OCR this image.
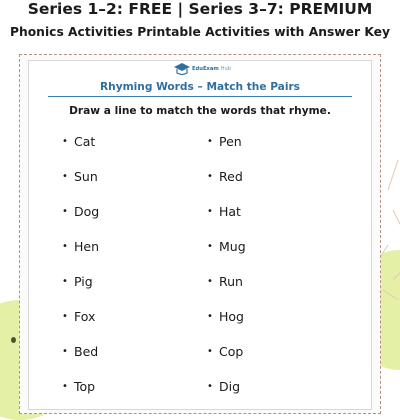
Series 1–2: FREE | Series 3–7: PREMIUM
Phonics Activities Printable Activities with Answer Key
EduExam Hub
Rhyming Words – Match the Pairs
Draw a line to match the words that rhyme.
• Cat
• Sun
• Dog
• Hen
• Pig
• Fox
• Bed
• Top
• Pen
• Red
• Hat
• Mug
• Run
• Hog
• Cop
• Dig
